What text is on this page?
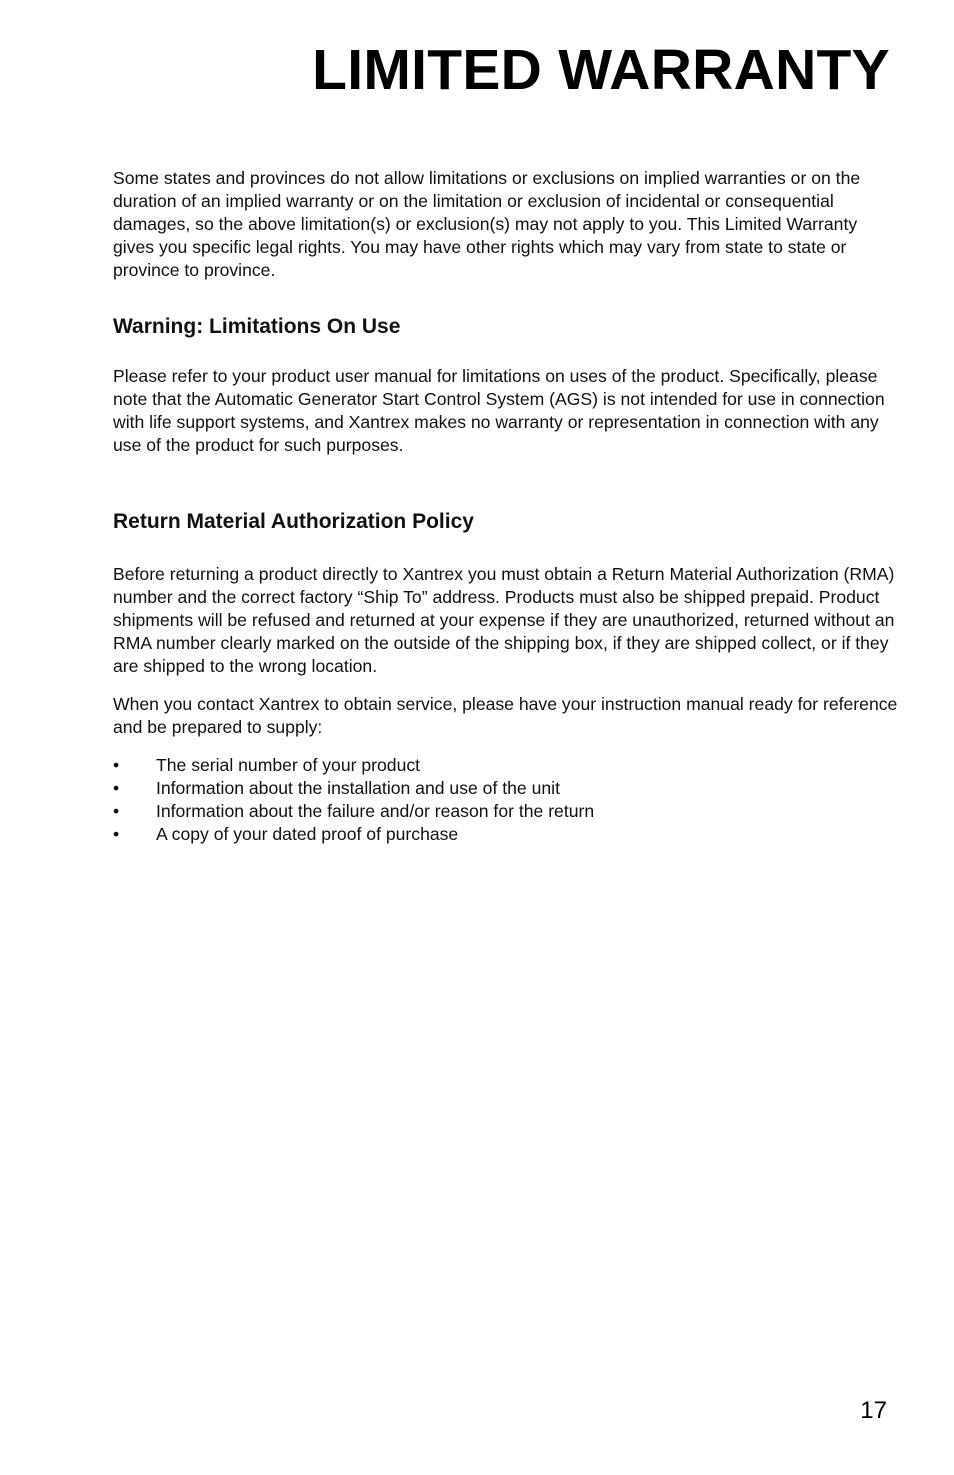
LIMITED WARRANTY

Some states and provinces do not allow limitations or exclusions on implied warranties or on the duration of an implied warranty or on the limitation or exclusion of incidental or consequential damages, so the above limitation(s) or exclusion(s) may not apply to you. This Limited Warranty gives you specific legal rights. You may have other rights which may vary from state to state or province to province.

Warning: Limitations On Use

Please refer to your product user manual for limitations on uses of the product. Specifically, please note that the Automatic Generator Start Control System (AGS) is not intended for use in connection with life support systems, and Xantrex makes no warranty or representation in connection with any use of the product for such purposes.

Return Material Authorization Policy

Before returning a product directly to Xantrex you must obtain a Return Material Authorization (RMA) number and the correct factory “Ship To” address. Products must also be shipped prepaid. Product shipments will be refused and returned at your expense if they are unauthorized, returned without an RMA number clearly marked on the outside of the shipping box, if they are shipped collect, or if they are shipped to the wrong location.

When you contact Xantrex to obtain service, please have your instruction manual ready for reference and be prepared to supply:

• The serial number of your product
• Information about the installation and use of the unit
• Information about the failure and/or reason for the return
• A copy of your dated proof of purchase
17
